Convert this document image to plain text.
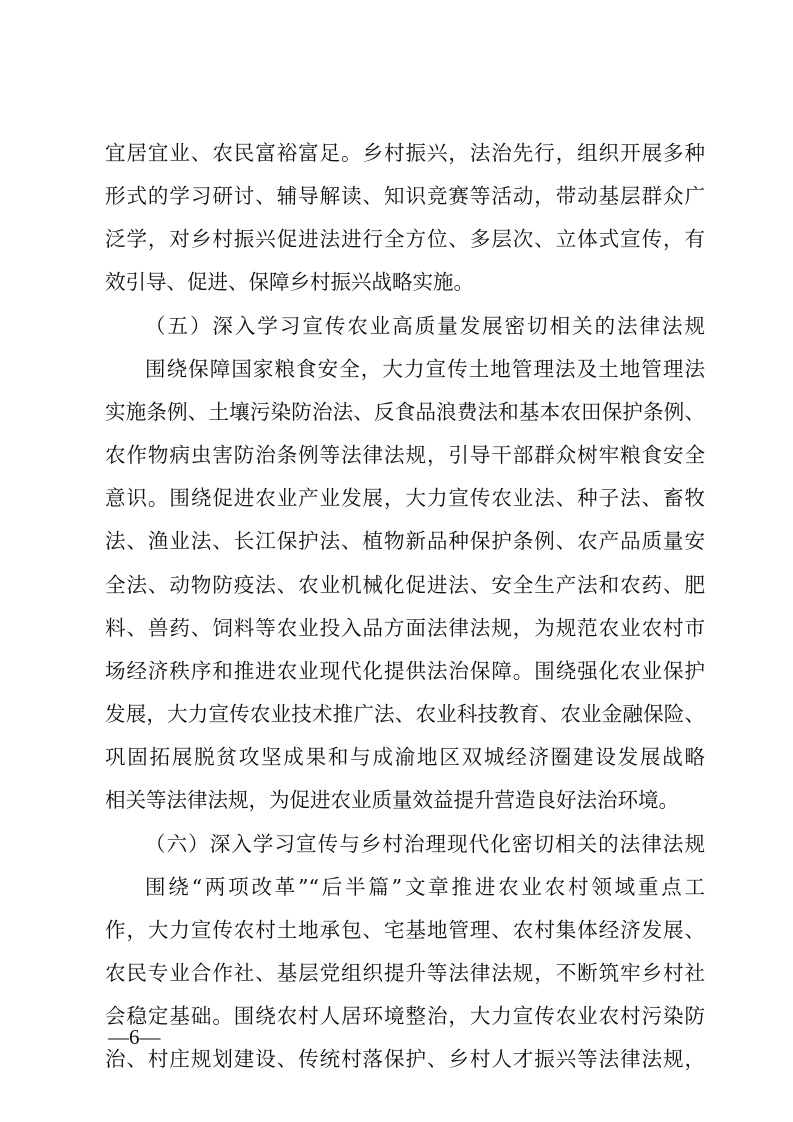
宜居宜业、农民富裕富足。乡村振兴，法治先行，组织开展多种
形式的学习研讨、辅导解读、知识竞赛等活动，带动基层群众广
泛学，对乡村振兴促进法进行全方位、多层次、立体式宣传，有
效引导、促进、保障乡村振兴战略实施。
（五）深入学习宣传农业高质量发展密切相关的法律法规
围绕保障国家粮食安全，大力宣传土地管理法及土地管理法
实施条例、土壤污染防治法、反食品浪费法和基本农田保护条例、
农作物病虫害防治条例等法律法规，引导干部群众树牢粮食安全
意识。围绕促进农业产业发展，大力宣传农业法、种子法、畜牧
法、渔业法、长江保护法、植物新品种保护条例、农产品质量安
全法、动物防疫法、农业机械化促进法、安全生产法和农药、肥
料、兽药、饲料等农业投入品方面法律法规，为规范农业农村市
场经济秩序和推进农业现代化提供法治保障。围绕强化农业保护
发展，大力宣传农业技术推广法、农业科技教育、农业金融保险、
巩固拓展脱贫攻坚成果和与成渝地区双城经济圈建设发展战略
相关等法律法规，为促进农业质量效益提升营造良好法治环境。
（六）深入学习宣传与乡村治理现代化密切相关的法律法规
围绕“两项改革”“后半篇”文章推进农业农村领域重点工
作，大力宣传农村土地承包、宅基地管理、农村集体经济发展、
农民专业合作社、基层党组织提升等法律法规，不断筑牢乡村社
会稳定基础。围绕农村人居环境整治，大力宣传农业农村污染防
治、村庄规划建设、传统村落保护、乡村人才振兴等法律法规，
—6—
